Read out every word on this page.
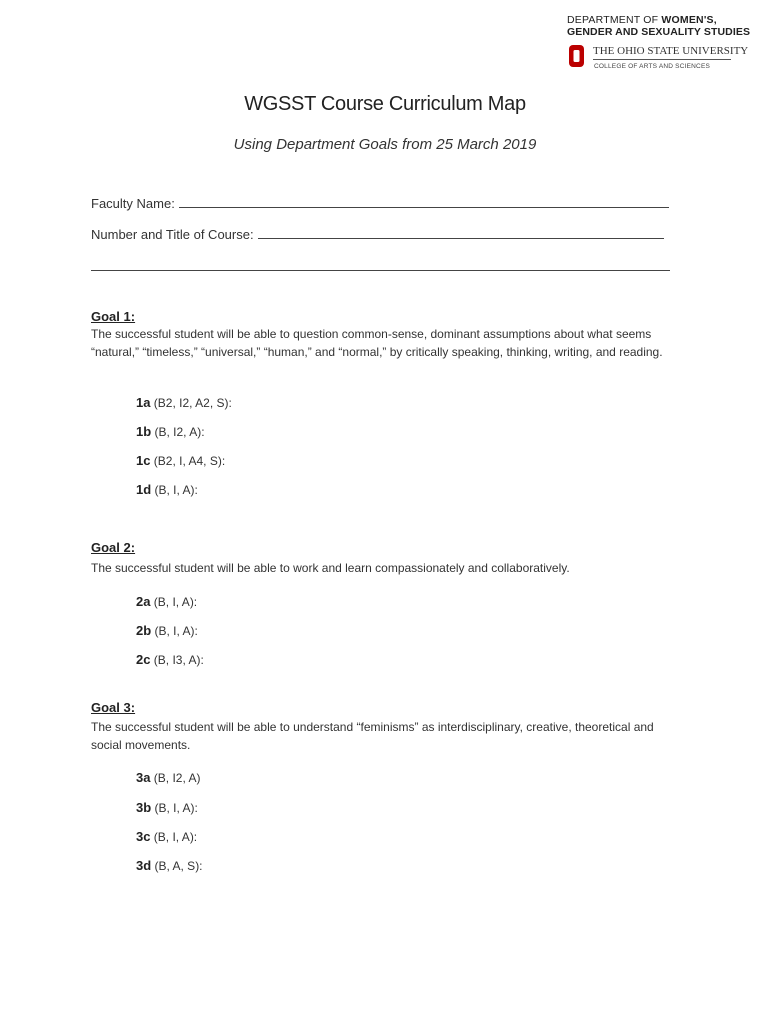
DEPARTMENT OF WOMEN'S,
GENDER AND SEXUALITY STUDIES
THE OHIO STATE UNIVERSITY
COLLEGE OF ARTS AND SCIENCES
WGSST Course Curriculum Map
Using Department Goals from 25 March 2019
Faculty Name:
Number and Title of Course:
Goal 1:
The successful student will be able to question common-sense, dominant assumptions about what seems “natural,” “timeless,” “universal,” “human,” and “normal,” by critically speaking, thinking, writing, and reading.
1a (B2, I2, A2, S):
1b (B, I2, A):
1c (B2, I, A4, S):
1d (B, I, A):
Goal 2:
The successful student will be able to work and learn compassionately and collaboratively.
2a (B, I, A):
2b (B, I, A):
2c (B, I3, A):
Goal 3:
The successful student will be able to understand “feminisms” as interdisciplinary, creative, theoretical and social movements.
3a (B, I2, A)
3b (B, I, A):
3c (B, I, A):
3d (B, A, S):
